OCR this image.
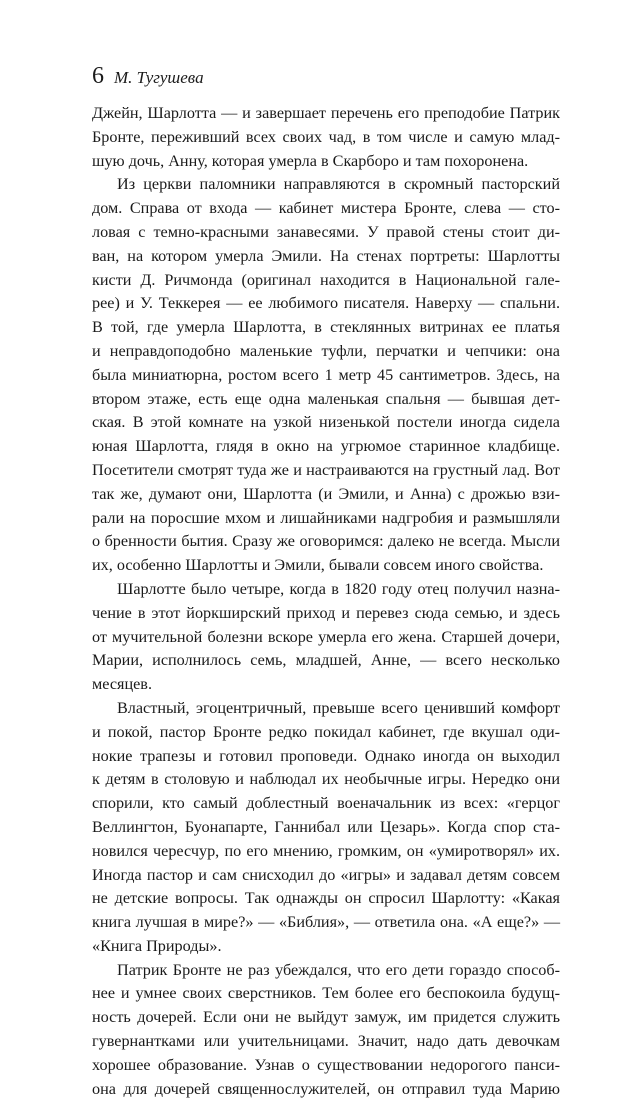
6 М. Тугушева
Джейн, Шарлотта — и завершает перечень его преподобие Патрик
Бронте, переживший всех своих чад, в том числе и самую млад-
шую дочь, Анну, которая умерла в Скарборо и там похоронена.
Из церкви паломники направляются в скромный пасторский
дом. Справа от входа — кабинет мистера Бронте, слева — сто-
ловая с темно-красными занавесями. У правой стены стоит ди-
ван, на котором умерла Эмили. На стенах портреты: Шарлотты
кисти Д. Ричмонда (оригинал находится в Национальной гале-
рее) и У. Теккерея — ее любимого писателя. Наверху — спальни.
В той, где умерла Шарлотта, в стеклянных витринах ее платья
и неправдоподобно маленькие туфли, перчатки и чепчики: она
была миниатюрна, ростом всего 1 метр 45 сантиметров. Здесь, на
втором этаже, есть еще одна маленькая спальня — бывшая дет-
ская. В этой комнате на узкой низенькой постели иногда сидела
юная Шарлотта, глядя в окно на угрюмое старинное кладбище.
Посетители смотрят туда же и настраиваются на грустный лад. Вот
так же, думают они, Шарлотта (и Эмили, и Анна) с дрожью взи-
рали на поросшие мхом и лишайниками надгробия и размышляли
о бренности бытия. Сразу же оговоримся: далеко не всегда. Мысли
их, особенно Шарлотты и Эмили, бывали совсем иного свойства.
Шарлотте было четыре, когда в 1820 году отец получил назна-
чение в этот йоркширский приход и перевез сюда семью, и здесь
от мучительной болезни вскоре умерла его жена. Старшей дочери,
Марии, исполнилось семь, младшей, Анне, — всего несколько
месяцев.
Властный, эгоцентричный, превыше всего ценивший комфорт
и покой, пастор Бронте редко покидал кабинет, где вкушал оди-
нокие трапезы и готовил проповеди. Однако иногда он выходил
к детям в столовую и наблюдал их необычные игры. Нередко они
спорили, кто самый доблестный военачальник из всех: «герцог
Веллингтон, Буонапарте, Ганнибал или Цезарь». Когда спор ста-
новился чересчур, по его мнению, громким, он «умиротворял» их.
Иногда пастор и сам снисходил до «игры» и задавал детям совсем
не детские вопросы. Так однажды он спросил Шарлотту: «Какая
книга лучшая в мире?» — «Библия», — ответила она. «А еще?» —
«Книга Природы».
Патрик Бронте не раз убеждался, что его дети гораздо способ-
нее и умнее своих сверстников. Тем более его беспокоила будущ-
ность дочерей. Если они не выйдут замуж, им придется служить
гувернантками или учительницами. Значит, надо дать девочкам
хорошее образование. Узнав о существовании недорогого панси-
она для дочерей священнослужителей, он отправил туда Марию
